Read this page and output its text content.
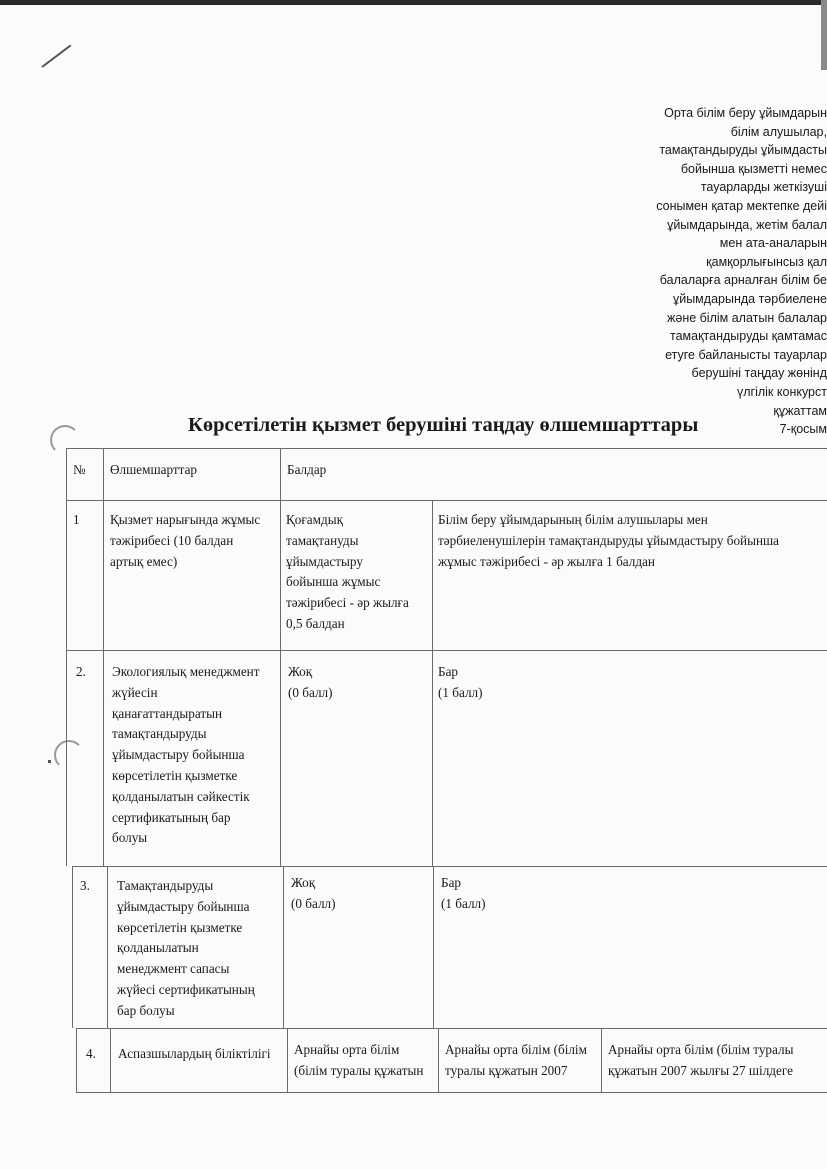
Орта білім беру ұйымдарын
білім алушылар,
тамақтандыруды ұйымдасты
бойынша қызметті немес
тауарларды жеткізуші
сонымен қатар мектепке дейі
ұйымдарында, жетім балал
мен ата-аналарын
қамқорлығынсыз қал
балаларға арналған білім бе
ұйымдарында тәрбиелене
және білім алатын балалар
тамақтандыруды қамтамас
етуге байланысты тауарлар
берушіні таңдау жөнінд
үлгілік конкурст
құжаттам
7-қосым
Көрсетілетін қызмет берушіні таңдау өлшемшарттары
№ Өлшемшарттар	Балдар
1 Қызмет нарығында жұмыс
тәжірибесі (10 балдан
артық емес)
Қоғамдық
тамақтануды
ұйымдастыру
бойынша жұмыс
тәжірибесі - әр жылға
0,5 балдан
Білім беру ұйымдарының білім алушылары мен
тәрбиеленушілерін тамақтандыруды ұйымдастыру бойынша
жұмыс тәжірибесі - әр жылға 1 балдан
2. Экологиялық менеджмент
жүйесін
қанағаттандыратын
тамақтандыруды
ұйымдастыру бойынша
көрсетілетін қызметке
қолданылатын сәйкестік
сертификатының бар
болуы
Жоқ
(0 балл)
Бар
(1 балл)
3. Тамақтандыруды
ұйымдастыру бойынша
көрсетілетін қызметке
қолданылатын
менеджмент сапасы
жүйесі сертификатының
бар болуы
Жоқ
(0 балл)
Бар
(1 балл)
4. Аспазшылардың біліктілігі Арнайы орта білім
(білім туралы құжатын
Арнайы орта білім (білім
туралы құжатын 2007
Арнайы орта білім (білім туралы
құжатын 2007 жылғы 27 шілдеге
